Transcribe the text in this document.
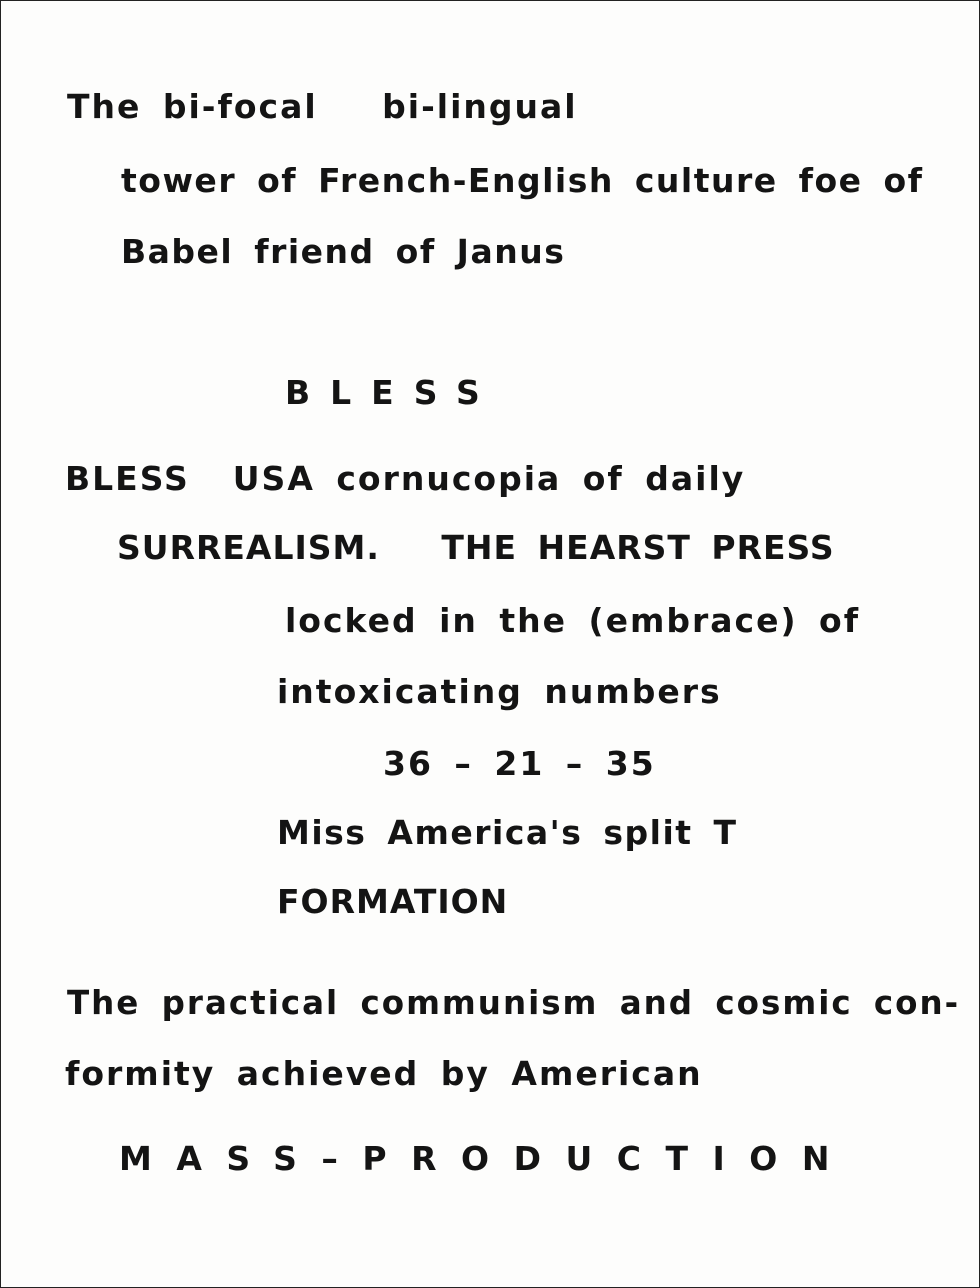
The bi-focal   bi-lingual

tower of French-English culture foe of

Babel friend of Janus

BLESS

BLESS  USA cornucopia of daily

SURREALISM.   THE HEARST PRESS

locked in the (embrace) of

intoxicating numbers

36 – 21 – 35

Miss America's split T

FORMATION

The practical communism and cosmic con-

formity achieved by American

MASS–PRODUCTION
